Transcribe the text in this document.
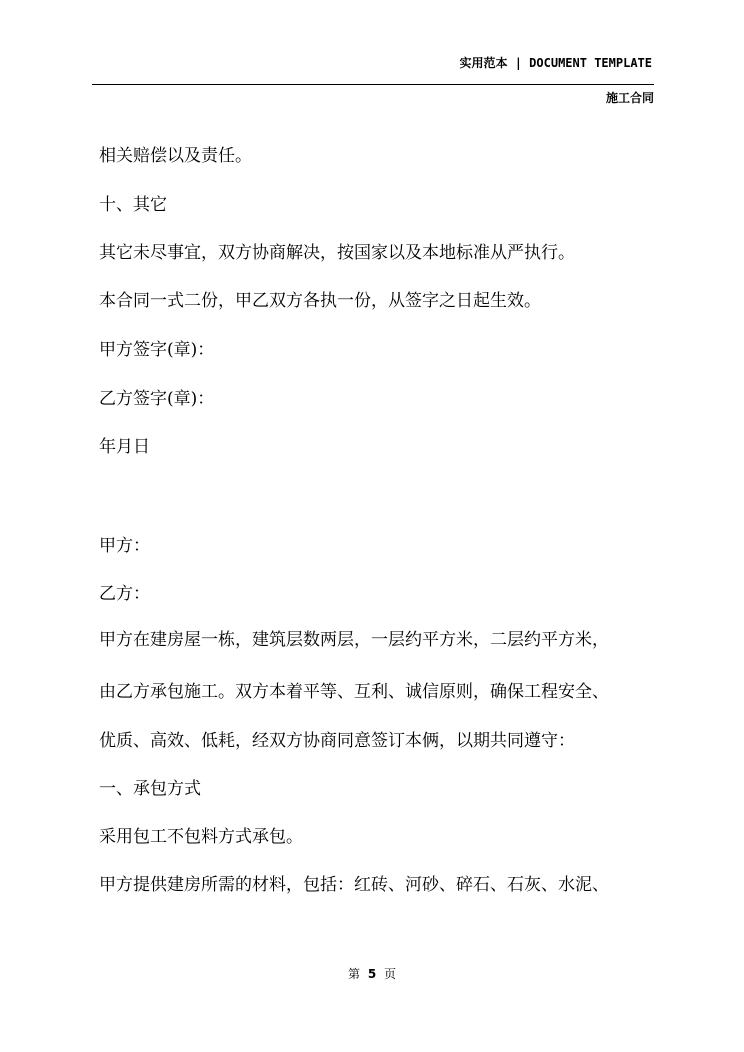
实用范本 | DOCUMENT TEMPLATE
施工合同
相关赔偿以及责任。
十、其它
其它未尽事宜，双方协商解决，按国家以及本地标准从严执行。
本合同一式二份，甲乙双方各执一份，从签字之日起生效。
甲方签字(章)：
乙方签字(章)：
年月日
甲方：
乙方：
甲方在建房屋一栋，建筑层数两层，一层约平方米，二层约平方米，
由乙方承包施工。双方本着平等、互利、诚信原则，确保工程安全、
优质、高效、低耗，经双方协商同意签订本俩，以期共同遵守：
一、承包方式
采用包工不包料方式承包。
甲方提供建房所需的材料，包括：红砖、河砂、碎石、石灰、水泥、
第 5 页
